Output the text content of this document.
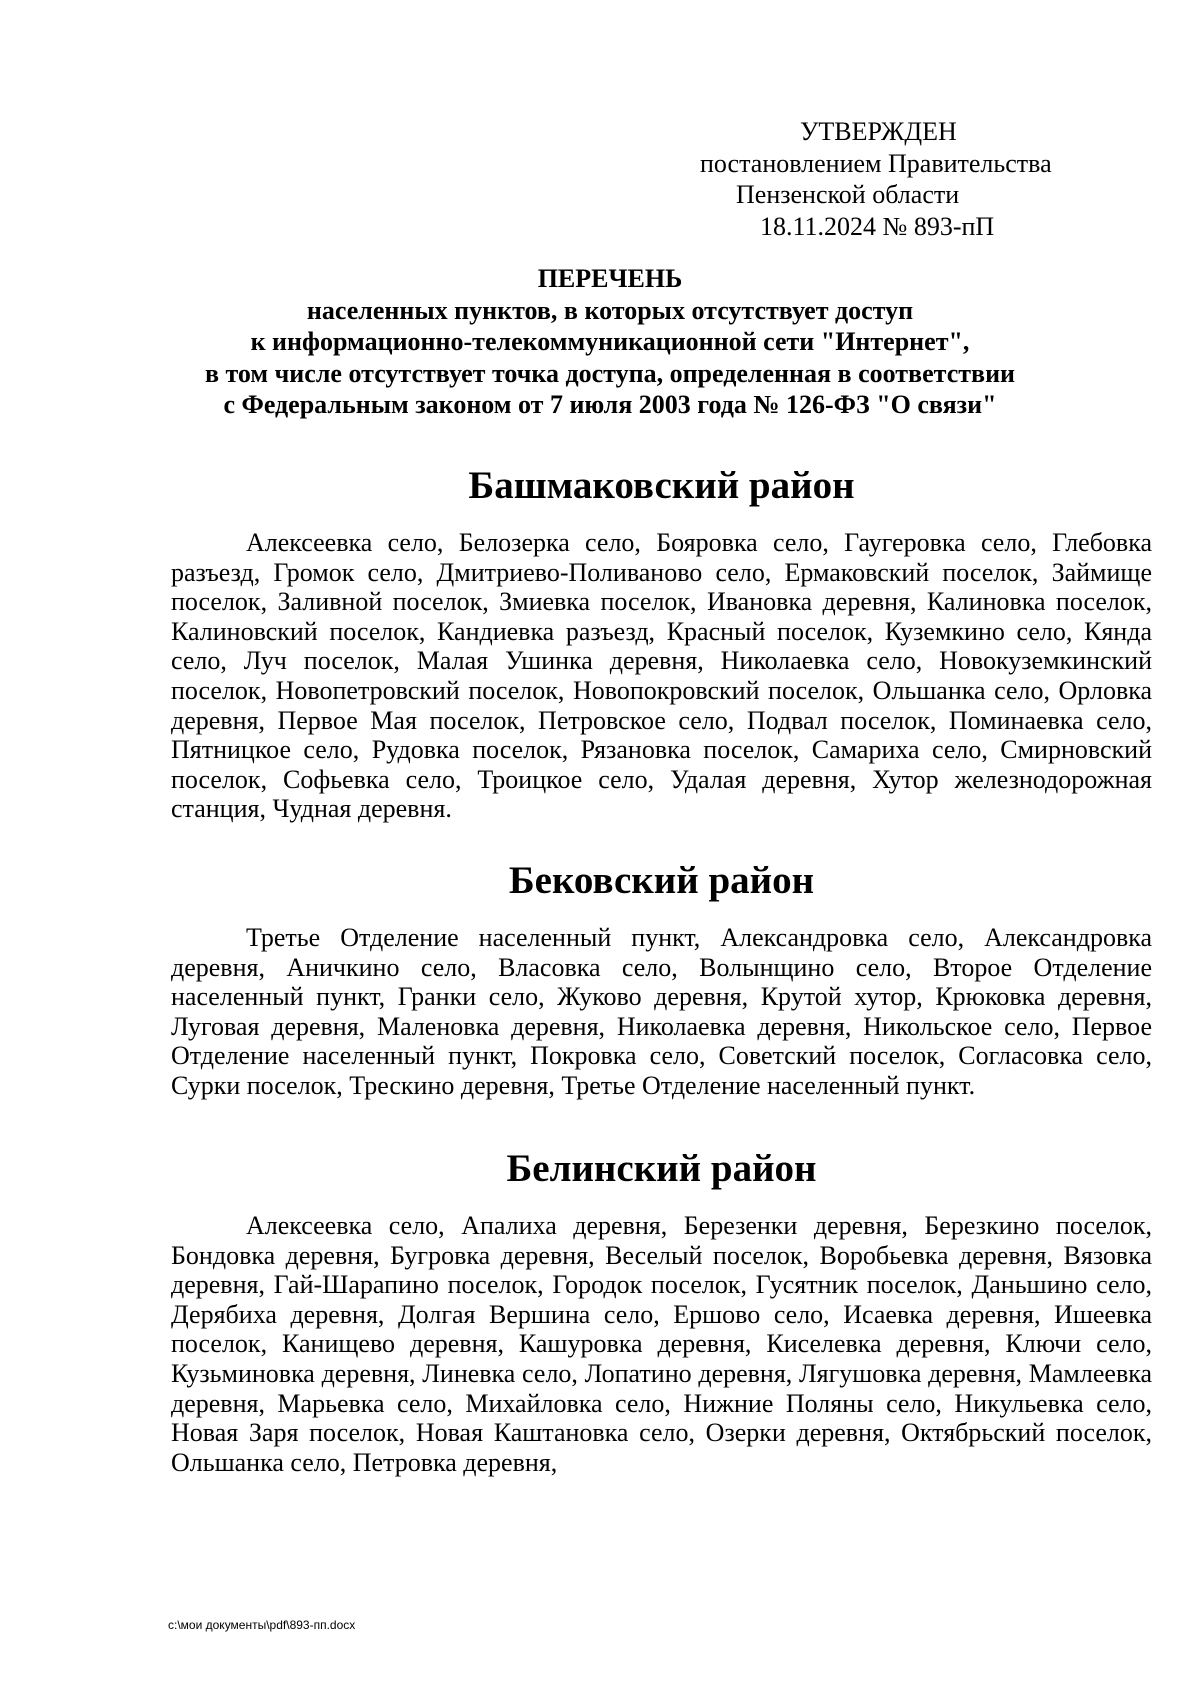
УТВЕРЖДЕН
постановлением Правительства
Пензенской области
18.11.2024 № 893-пП
ПЕРЕЧЕНЬ
населенных пунктов, в которых отсутствует доступ
к информационно-телекоммуникационной сети "Интернет",
в том числе отсутствует точка доступа, определенная в соответствии
с Федеральным законом от 7 июля 2003 года № 126-ФЗ "О связи"
Башмаковский район

Алексеевка село, Белозерка село, Бояровка село, Гаугеровка село, Глебовка разъезд, Громок село, Дмитриево-Поливаново село, Ермаковский поселок, Займище поселок, Заливной поселок, Змиевка поселок, Ивановка деревня, Калиновка поселок, Калиновский поселок, Кандиевка разъезд, Красный поселок, Куземкино село, Кянда село, Луч поселок, Малая Ушинка деревня, Николаевка село, Новокуземкинский поселок, Новопетровский поселок, Новопокровский поселок, Ольшанка село, Орловка деревня, Первое Мая поселок, Петровское село, Подвал поселок, Поминаевка село, Пятницкое село, Рудовка поселок, Рязановка поселок, Самариха село, Смирновский поселок, Софьевка село, Троицкое село, Удалая деревня, Хутор железнодорожная станция, Чудная деревня.

Бековский район

Третье Отделение населенный пункт, Александровка село, Александровка деревня, Аничкино село, Власовка село, Волынщино село, Второе Отделение населенный пункт, Гранки село, Жуково деревня, Крутой хутор, Крюковка деревня, Луговая деревня, Маленовка деревня, Николаевка деревня, Никольское село, Первое Отделение населенный пункт, Покровка село, Советский поселок, Согласовка село, Сурки поселок, Трескино деревня, Третье Отделение населенный пункт.

Белинский район

Алексеевка село, Апалиха деревня, Березенки деревня, Березкино поселок, Бондовка деревня, Бугровка деревня, Веселый поселок, Воробьевка деревня, Вязовка деревня, Гай-Шарапино поселок, Городок поселок, Гусятник поселок, Даньшино село, Дерябиха деревня, Долгая Вершина село, Ершово село, Исаевка деревня, Ишеевка поселок, Канищево деревня, Кашуровка деревня, Киселевка деревня, Ключи село, Кузьминовка деревня, Линевка село, Лопатино деревня, Лягушовка деревня, Мамлеевка деревня, Марьевка село, Михайловка село, Нижние Поляны село, Никульевка село, Новая Заря поселок, Новая Каштановка село, Озерки деревня, Октябрьский поселок, Ольшанка село, Петровка деревня,

c:\мои документы\pdf\893-пп.docx
